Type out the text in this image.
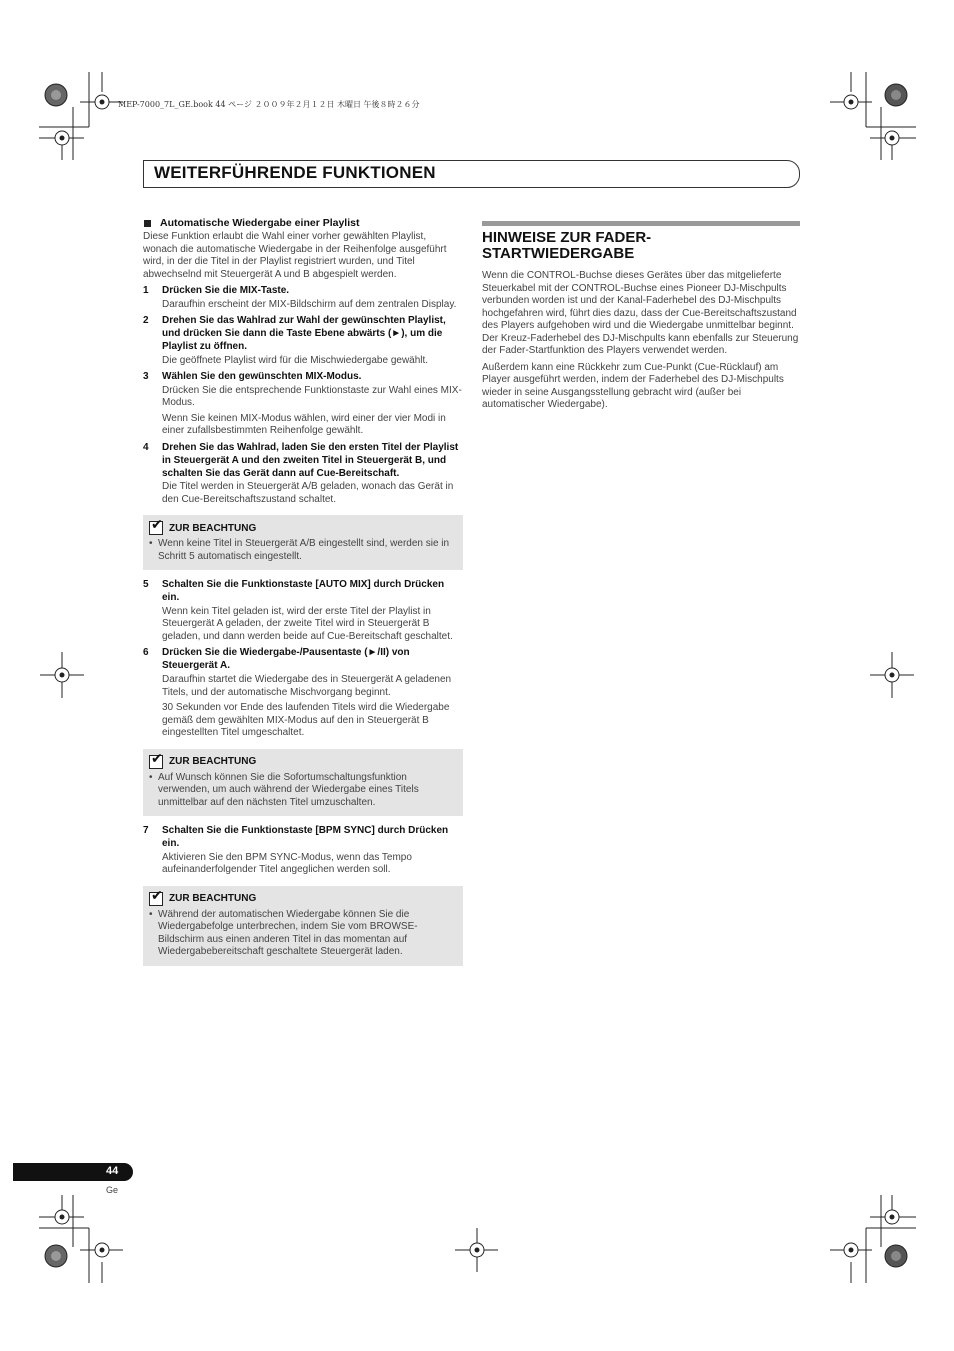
MEP-7000_7L_GE.book 44 ページ ２００９年２月１２日 木曜日 午後８時２６分
WEITERFÜHRENDE FUNKTIONEN
Automatische Wiedergabe einer Playlist

Diese Funktion erlaubt die Wahl einer vorher gewählten Playlist, wonach die automatische Wiedergabe in der Reihenfolge ausgeführt wird, in der die Titel in der Playlist registriert wurden, und Titel abwechselnd mit Steuergerät A und B abgespielt werden.

1 Drücken Sie die MIX-Taste.
Daraufhin erscheint der MIX-Bildschirm auf dem zentralen Display.
2 Drehen Sie das Wahlrad zur Wahl der gewünschten Playlist, und drücken Sie dann die Taste Ebene abwärts (►), um die Playlist zu öffnen.
Die geöffnete Playlist wird für die Mischwiedergabe gewählt.
3 Wählen Sie den gewünschten MIX-Modus.
Drücken Sie die entsprechende Funktionstaste zur Wahl eines MIX-Modus.
Wenn Sie keinen MIX-Modus wählen, wird einer der vier Modi in einer zufallsbestimmten Reihenfolge gewählt.
4 Drehen Sie das Wahlrad, laden Sie den ersten Titel der Playlist in Steuergerät A und den zweiten Titel in Steuergerät B, und schalten Sie das Gerät dann auf Cue-Bereitschaft.
Die Titel werden in Steuergerät A/B geladen, wonach das Gerät in den Cue-Bereitschaftszustand schaltet.
✔ ZUR BEACHTUNG
• Wenn keine Titel in Steuergerät A/B eingestellt sind, werden sie in Schritt 5 automatisch eingestellt.
5 Schalten Sie die Funktionstaste [AUTO MIX] durch Drücken ein.
Wenn kein Titel geladen ist, wird der erste Titel der Playlist in Steuergerät A geladen, der zweite Titel wird in Steuergerät B geladen, und dann werden beide auf Cue-Bereitschaft geschaltet.
6 Drücken Sie die Wiedergabe-/Pausentaste (►/II) von Steuergerät A.
Daraufhin startet die Wiedergabe des in Steuergerät A geladenen Titels, und der automatische Mischvorgang beginnt.
30 Sekunden vor Ende des laufenden Titels wird die Wiedergabe gemäß dem gewählten MIX-Modus auf den in Steuergerät B eingestellten Titel umgeschaltet.
✔ ZUR BEACHTUNG
• Auf Wunsch können Sie die Sofortumschaltungsfunktion verwenden, um auch während der Wiedergabe eines Titels unmittelbar auf den nächsten Titel umzuschalten.
7 Schalten Sie die Funktionstaste [BPM SYNC] durch Drücken ein.
Aktivieren Sie den BPM SYNC-Modus, wenn das Tempo aufeinanderfolgender Titel angeglichen werden soll.
✔ ZUR BEACHTUNG
• Während der automatischen Wiedergabe können Sie die Wiedergabefolge unterbrechen, indem Sie vom BROWSE-Bildschirm aus einen anderen Titel in das momentan auf Wiedergabebereitschaft geschaltete Steuergerät laden.
HINWEISE ZUR FADER-STARTWIEDERGABE

Wenn die CONTROL-Buchse dieses Gerätes über das mitgelieferte Steuerkabel mit der CONTROL-Buchse eines Pioneer DJ-Mischpults verbunden worden ist und der Kanal-Faderhebel des DJ-Mischpults hochgefahren wird, führt dies dazu, dass der Cue-Bereitschaftszustand des Players aufgehoben wird und die Wiedergabe unmittelbar beginnt. Der Kreuz-Faderhebel des DJ-Mischpults kann ebenfalls zur Steuerung der Fader-Startfunktion des Players verwendet werden.

Außerdem kann eine Rückkehr zum Cue-Punkt (Cue-Rücklauf) am Player ausgeführt werden, indem der Faderhebel des DJ-Mischpults wieder in seine Ausgangsstellung gebracht wird (außer bei automatischer Wiedergabe).

44
Ge
